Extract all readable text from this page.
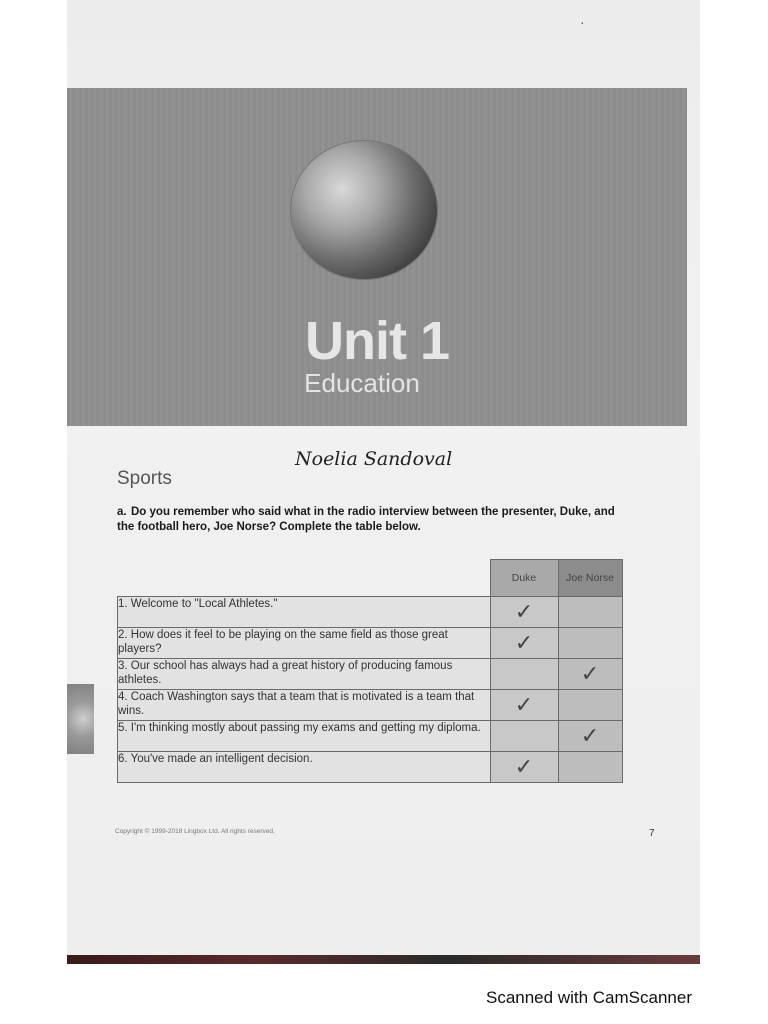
·
Unit 1
Education
Noelia Sandoval
Sports
a. Do you remember who said what in the radio interview between the presenter, Duke, and the football hero, Joe Norse? Complete the table below.
	Duke	Joe Norse
1. Welcome to "Local Athletes."	✓	
2. How does it feel to be playing on the same field as those great players?	✓	
3. Our school has always had a great history of producing famous athletes.		✓
4. Coach Washington says that a team that is motivated is a team that wins.	✓	
5. I'm thinking mostly about passing my exams and getting my diploma.		✓
6. You've made an intelligent decision.	✓	
Copyright © 1999-2018 Lingbox Ltd. All rights reserved.	7
Scanned with CamScanner
